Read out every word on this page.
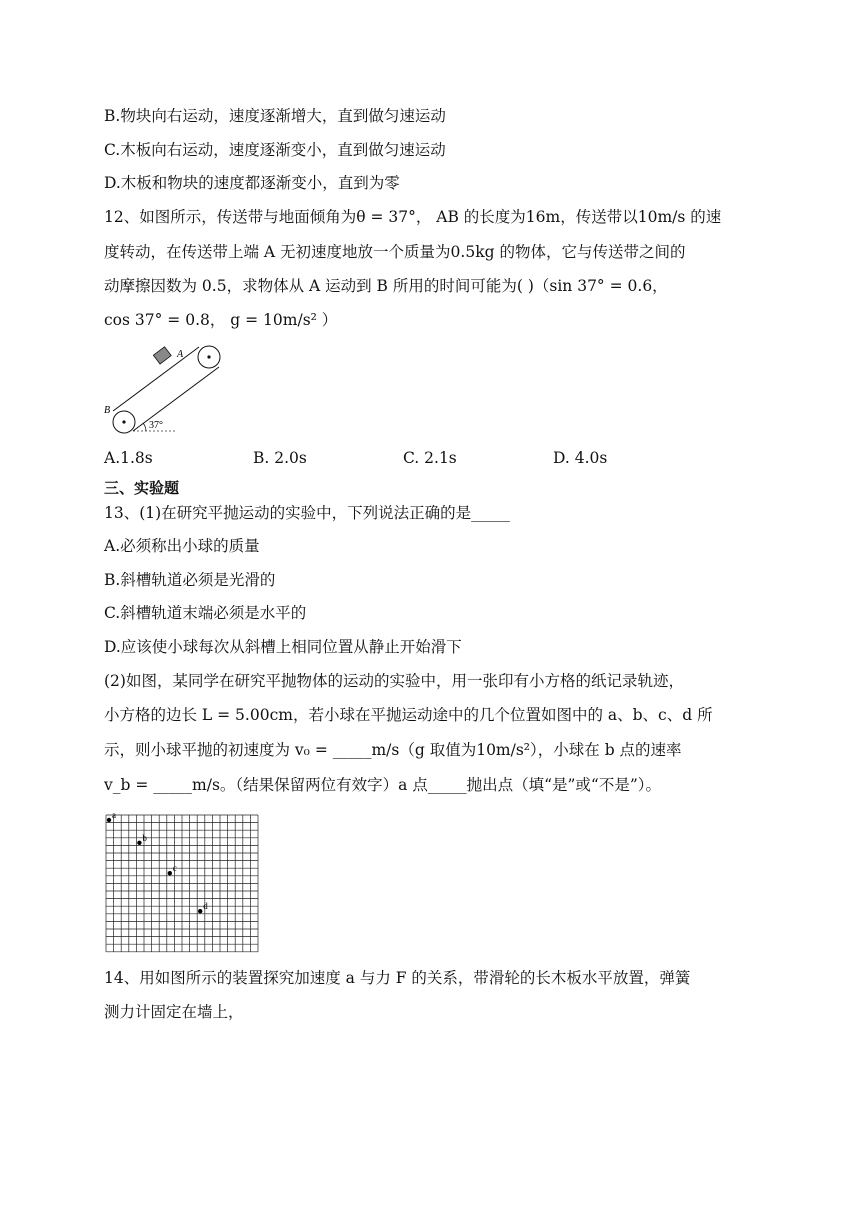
B.物块向右运动，速度逐渐增大，直到做匀速运动
C.木板向右运动，速度逐渐变小，直到做匀速运动
D.木板和物块的速度都逐渐变小，直到为零
12、如图所示，传送带与地面倾角为θ = 37°， AB 的长度为16m，传送带以10m/s 的速
度转动，在传送带上端 A 无初速度地放一个质量为0.5kg 的物体，它与传送带之间的
动摩擦因数为 0.5，求物体从 A 运动到 B 所用的时间可能为( )（sin 37° = 0.6，
cos 37° = 0.8， g = 10m/s² ）
A
B
37°
A.1.8s	B. 2.0s	C. 2.1s	D. 4.0s
三、实验题
13、(1)在研究平抛运动的实验中，下列说法正确的是_____
A.必须称出小球的质量
B.斜槽轨道必须是光滑的
C.斜槽轨道末端必须是水平的
D.应该使小球每次从斜槽上相同位置从静止开始滑下
(2)如图，某同学在研究平抛物体的运动的实验中，用一张印有小方格的纸记录轨迹，
小方格的边长 L = 5.00cm，若小球在平抛运动途中的几个位置如图中的 a、b、c、d 所
示，则小球平抛的初速度为 v₀ = _____m/s（g 取值为10m/s²），小球在 b 点的速率
v_b = _____m/s。（结果保留两位有效字）a 点_____抛出点（填“是”或“不是”）。
a
b
c
d
14、用如图所示的装置探究加速度 a 与力 F 的关系，带滑轮的长木板水平放置，弹簧
测力计固定在墙上，
